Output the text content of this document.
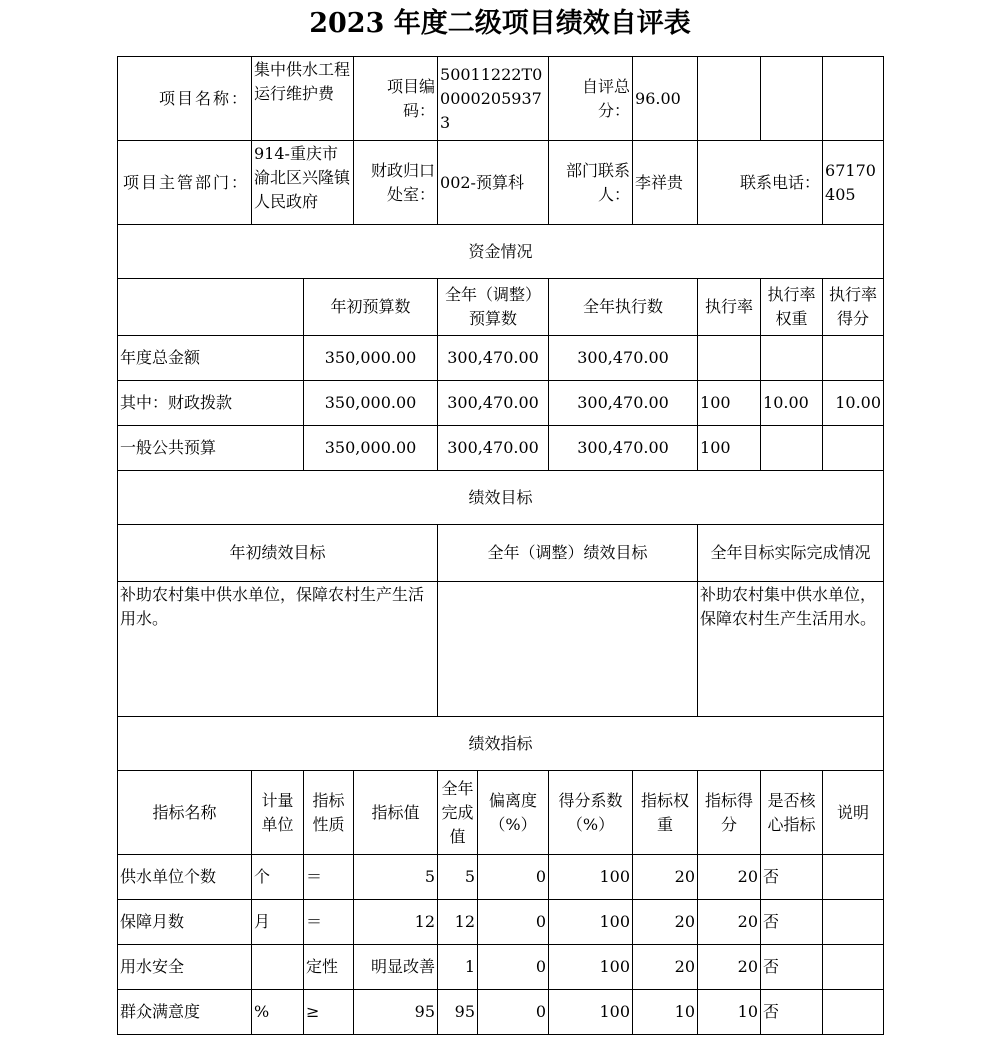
2023 年度二级项目绩效自评表
项目名称：	集中供水工程运行维护费		项目编码：	50011222T000002059373		自评总分：	96.00			
项目主管部门：	914-重庆市渝北区兴隆镇人民政府		财政归口处室：	002-预算科		部门联系人：	李祥贵	联系电话：		67170405
资金情况										
		年初预算数		全年（调整）预算数		全年执行数		执行率	执行率权重	执行率得分
年度总金额		350,000.00		300,470.00		300,470.00				
其中：财政拨款		350,000.00		300,470.00		300,470.00		100	10.00	10.00
一般公共预算		350,000.00		300,470.00		300,470.00		100		
绩效目标										
年初绩效目标				全年（调整）绩效目标				全年目标实际完成情况		
补助农村集中供水单位，保障农村生产生活用水。								补助农村集中供水单位，保障农村生产生活用水。		
绩效指标										
指标名称	计量单位	指标性质	指标值	全年完成值	偏离度（%）	得分系数（%）	指标权重	指标得分	是否核心指标	说明
供水单位个数	个	＝	5	5	0	100	20	20	否	
保障月数	月	＝	12	12	0	100	20	20	否	
用水安全		定性	明显改善	1	0	100	20	20	否	
群众满意度	%	≥	95	95	0	100	10	10	否	
